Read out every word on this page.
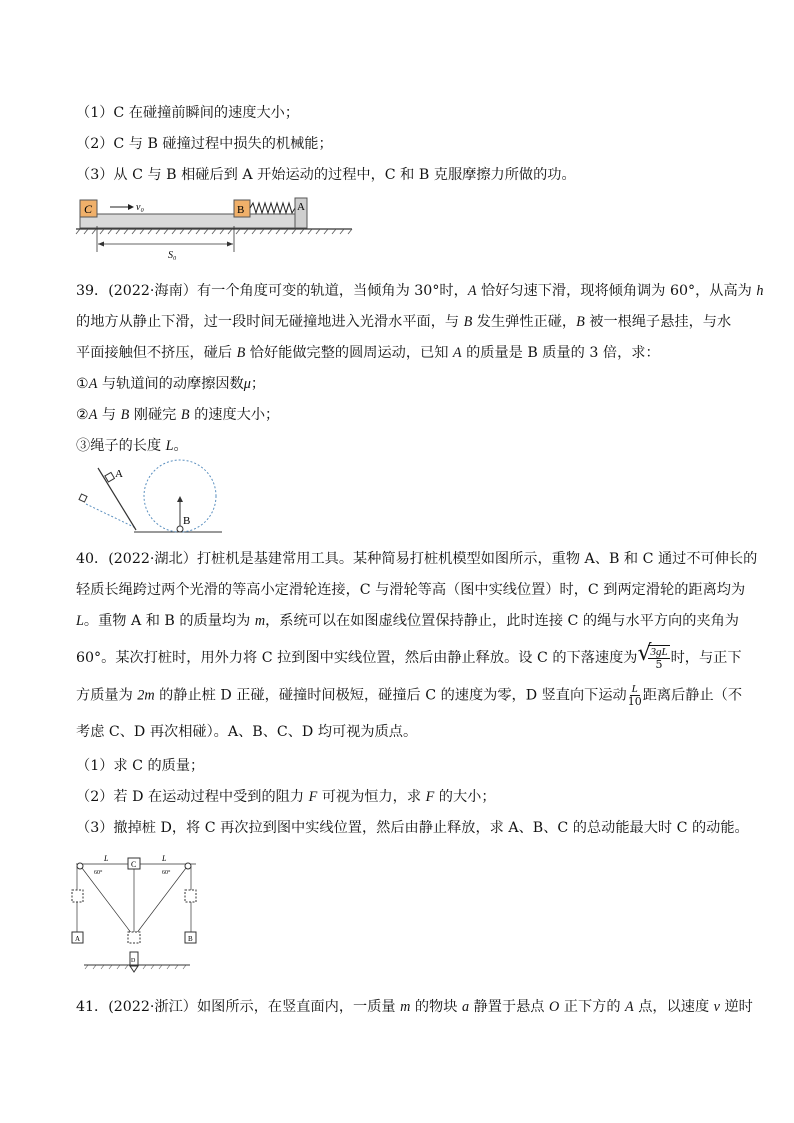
（1）C 在碰撞前瞬间的速度大小；
（2）C 与 B 碰撞过程中损失的机械能；
（3）从 C 与 B 相碰后到 A 开始运动的过程中，C 和 B 克服摩擦力所做的功。
C	v₀	B	A
S₀
39．(2022·海南）有一个角度可变的轨道，当倾角为 30°时，A 恰好匀速下滑，现将倾角调为 60°，从高为 h
的地方从静止下滑，过一段时间无碰撞地进入光滑水平面，与 B 发生弹性正碰，B 被一根绳子悬挂，与水
平面接触但不挤压，碰后 B 恰好能做完整的圆周运动，已知 A 的质量是 B 质量的 3 倍，求：
①A 与轨道间的动摩擦因数μ；
②A 与 B 刚碰完 B 的速度大小；
③绳子的长度 L。
A
B
40．(2022·湖北）打桩机是基建常用工具。某种简易打桩机模型如图所示，重物 A、B 和 C 通过不可伸长的
轻质长绳跨过两个光滑的等高小定滑轮连接，C 与滑轮等高（图中实线位置）时，C 到两定滑轮的距离均为
L。重物 A 和 B 的质量均为 m，系统可以在如图虚线位置保持静止，此时连接 C 的绳与水平方向的夹角为
60°。某次打桩时，用外力将 C 拉到图中实线位置，然后由静止释放。设 C 的下落速度为 √
$\frac{3gL}{5}$ 时，与正下
方质量为 2m 的静止桩 D 正碰，碰撞时间极短，碰撞后 C 的速度为零，D 竖直向下运动 $\frac{L}{10}$ 距离后静止（不
考虑 C、D 再次相碰）。A、B、C、D 均可视为质点。
（1）求 C 的质量；
（2）若 D 在运动过程中受到的阻力 F 可视为恒力，求 F 的大小；
（3）撤掉桩 D，将 C 再次拉到图中实线位置，然后由静止释放，求 A、B、C 的总动能最大时 C 的动能。
L	L
60°	60°
C
A	B
D
41．(2022·浙江）如图所示，在竖直面内，一质量 m 的物块 a 静置于悬点 O 正下方的 A 点，以速度 v 逆时
